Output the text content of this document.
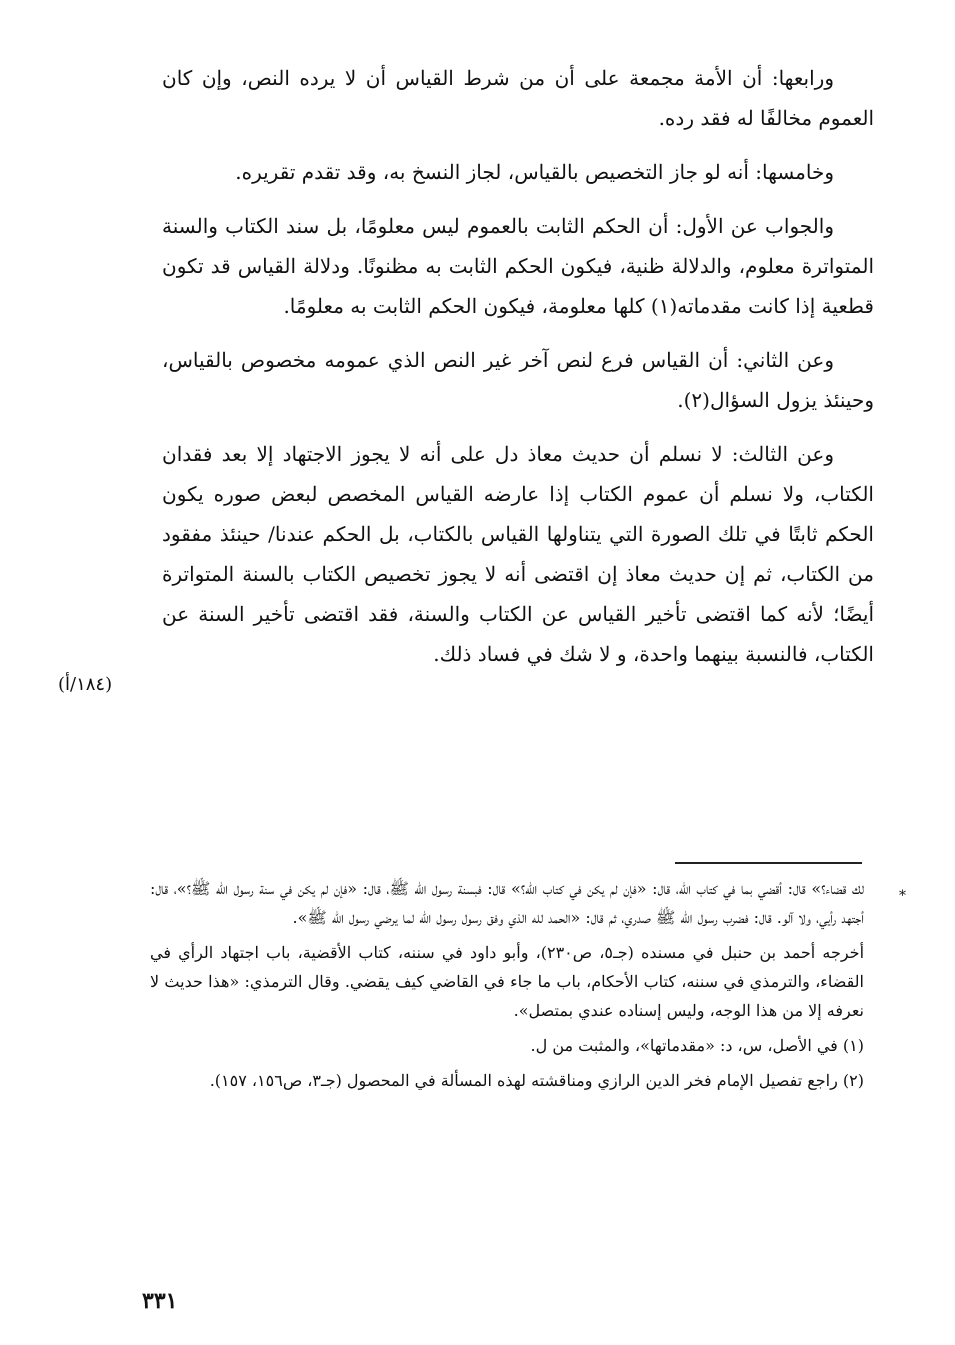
ورابعها: أن الأمة مجمعة على أن من شرط القياس أن لا يرده النص، وإن كان العموم مخالفًا له فقد رده.

وخامسها: أنه لو جاز التخصيص بالقياس، لجاز النسخ به، وقد تقدم تقريره.

والجواب عن الأول: أن الحكم الثابت بالعموم ليس معلومًا، بل سند الكتاب والسنة المتواترة معلوم، والدلالة ظنية، فيكون الحكم الثابت به مظنونًا. ودلالة القياس قد تكون قطعية إذا كانت مقدماته(١) كلها معلومة، فيكون الحكم الثابت به معلومًا.

وعن الثاني: أن القياس فرع لنص آخر غير النص الذي عمومه مخصوص بالقياس، وحينئذ يزول السؤال(٢).

وعن الثالث: لا نسلم أن حديث معاذ دل على أنه لا يجوز الاجتهاد إلا بعد فقدان الكتاب، ولا نسلم أن عموم الكتاب إذا عارضه القياس المخصص لبعض صوره يكون الحكم ثابتًا في تلك الصورة التي يتناولها القياس بالكتاب، بل الحكم عندنا/ حينئذ مفقود من الكتاب، ثم إن حديث معاذ إن اقتضى أنه لا يجوز تخصيص الكتاب بالسنة المتواترة أيضًا؛ لأنه كما اقتضى تأخير القياس عن الكتاب والسنة، فقد اقتضى تأخير السنة عن الكتاب، فالنسبة بينهما واحدة، و لا شك في فساد ذلك.

(١٨٤/أ)
*

لك قضاء؟» قال: أقضي بما في كتاب الله، قال: «فإن لم يكن في كتاب الله؟» قال: فبسنة رسول الله ﷺ، قال: «فإن لم يكن في سنة رسول الله ﷺ؟»، قال: أجتهد رأيي، ولا آلو. قال: فضرب رسول الله ﷺ صدري، ثم قال: «الحمد لله الذي وفق رسول رسول الله لما يرضي رسول الله ﷺ».

أخرجه أحمد بن حنبل في مسنده (جـ٥، ص٢٣٠)، وأبو داود في سننه، كتاب الأقضية، باب اجتهاد الرأي في القضاء، والترمذي في سننه، كتاب الأحكام، باب ما جاء في القاضي كيف يقضي. وقال الترمذي: «هذا حديث لا نعرفه إلا من هذا الوجه، وليس إسناده عندي بمتصل».

(١) في الأصل، س، د: «مقدماتها»، والمثبت من ل.

(٢) راجع تفصيل الإمام فخر الدين الرازي ومناقشته لهذه المسألة في المحصول (جـ٣، ص١٥٦، ١٥٧).

٣٣١
